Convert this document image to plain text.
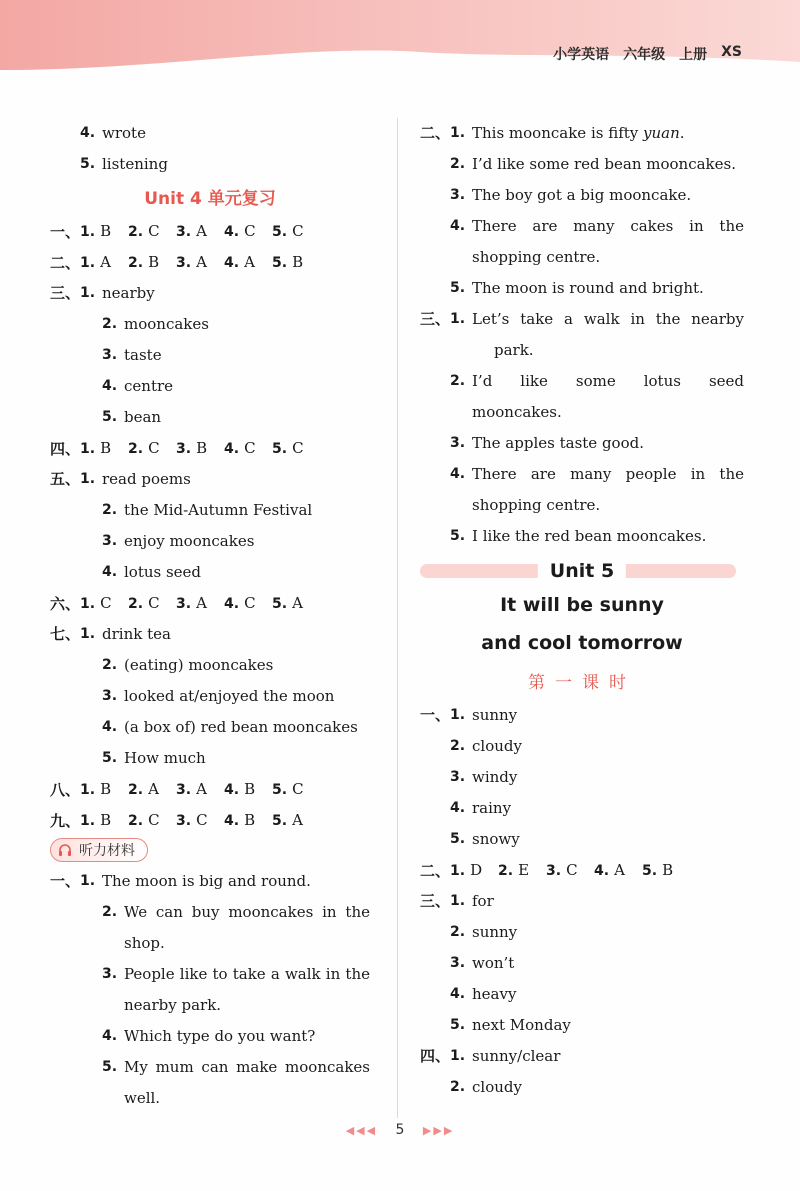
小学英语 六年级 上册 XS
4. wrote
5. listening
Unit 4 单元复习
一、 1. B	2. C	3. A	4. C	5. C
二、 1. A	2. B	3. A	4. A	5. B
三、 1. nearby
2. mooncakes
3. taste
4. centre
5. bean
四、 1. B	2. C	3. B	4. C	5. C
五、 1. read poems
2. the Mid-Autumn Festival
3. enjoy mooncakes
4. lotus seed
六、 1. C	2. C	3. A	4. C	5. A
七、 1. drink tea
2. (eating) mooncakes
3. looked at/enjoyed the moon
4. (a box of) red bean mooncakes
5. How much
八、 1. B	2. A	3. A	4. B	5. C
九、 1. B	2. C	3. C	4. B	5. A
听力材料
一、 1. The moon is big and round.
2. We can buy mooncakes in the
shop.
3. People like to take a walk in the
nearby park.
4. Which type do you want?
5. My mum can make mooncakes
well.
二、 1. This mooncake is fifty yuan.
2. I’d like some red bean mooncakes.
3. The boy got a big mooncake.
4. There are many cakes in the
shopping centre.
5. The moon is round and bright.
三、 1. Let’s take a walk in the nearby
park.
2. I’d like some lotus seed
mooncakes.
3. The apples taste good.
4. There are many people in the
shopping centre.
5. I like the red bean mooncakes.
Unit 5
It will be sunny
and cool tomorrow
第一课时
一、 1. sunny
2. cloudy
3. windy
4. rainy
5. snowy
二、 1. D	2. E	3. C	4. A	5. B
三、 1. for
2. sunny
3. won’t
4. heavy
5. next Monday
四、 1. sunny/clear
2. cloudy
◀◀◀ 5 ▶▶▶
